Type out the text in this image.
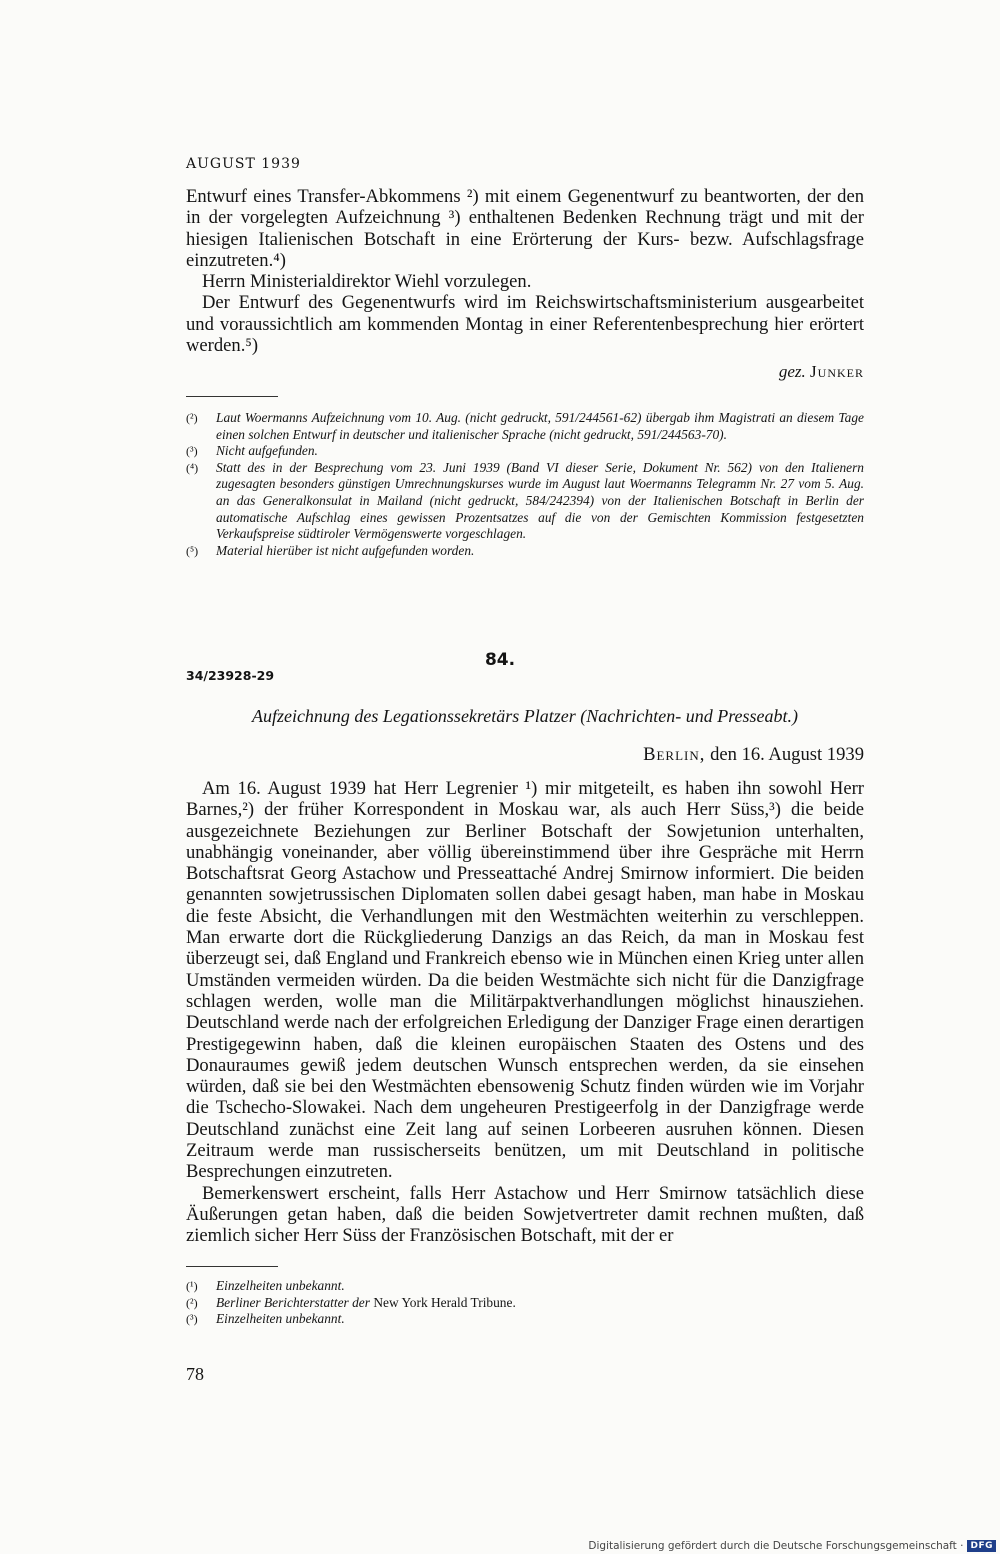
AUGUST 1939

Entwurf eines Transfer-Abkommens ²) mit einem Gegenentwurf zu beantworten, der den in der vorgelegten Aufzeichnung ³) enthaltenen Bedenken Rechnung trägt und mit der hiesigen Italienischen Botschaft in eine Erörterung der Kurs- bezw. Aufschlagsfrage einzutreten.⁴)

Herrn Ministerialdirektor Wiehl vorzulegen.

Der Entwurf des Gegenentwurfs wird im Reichswirtschaftsministerium ausgearbeitet und voraussichtlich am kommenden Montag in einer Referentenbesprechung hier erörtert werden.⁵)

gez. Junker
(²)	Laut Woermanns Aufzeichnung vom 10. Aug. (nicht gedruckt, 591/244561-62) übergab ihm Magistrati an diesem Tage einen solchen Entwurf in deutscher und italienischer Sprache (nicht gedruckt, 591/244563-70).
(³)	Nicht aufgefunden.
(⁴)	Statt des in der Besprechung vom 23. Juni 1939 (Band VI dieser Serie, Dokument Nr. 562) von den Italienern zugesagten besonders günstigen Umrechnungskurses wurde im August laut Woermanns Telegramm Nr. 27 vom 5. Aug. an das Generalkonsulat in Mailand (nicht gedruckt, 584/242394) von der Italienischen Botschaft in Berlin der automatische Aufschlag eines gewissen Prozentsatzes auf die von der Gemischten Kommission festgesetzten Verkaufspreise südtiroler Vermögenswerte vorgeschlagen.
(⁵)	Material hierüber ist nicht aufgefunden worden.
84.
34/23928-29
Aufzeichnung des Legationssekretärs Platzer (Nachrichten- und Presseabt.)
Berlin, den 16. August 1939

Am 16. August 1939 hat Herr Legrenier ¹) mir mitgeteilt, es haben ihn sowohl Herr Barnes,²) der früher Korrespondent in Moskau war, als auch Herr Süss,³) die beide ausgezeichnete Beziehungen zur Berliner Botschaft der Sowjetunion unterhalten, unabhängig voneinander, aber völlig übereinstimmend über ihre Gespräche mit Herrn Botschaftsrat Georg Astachow und Presseattaché Andrej Smirnow informiert. Die beiden genannten sowjetrussischen Diplomaten sollen dabei gesagt haben, man habe in Moskau die feste Absicht, die Verhandlungen mit den Westmächten weiterhin zu verschleppen. Man erwarte dort die Rückgliederung Danzigs an das Reich, da man in Moskau fest überzeugt sei, daß England und Frankreich ebenso wie in München einen Krieg unter allen Umständen vermeiden würden. Da die beiden Westmächte sich nicht für die Danzigfrage schlagen werden, wolle man die Militärpaktverhandlungen möglichst hinausziehen. Deutschland werde nach der erfolgreichen Erledigung der Danziger Frage einen derartigen Prestigegewinn haben, daß die kleinen europäischen Staaten des Ostens und des Donauraumes gewiß jedem deutschen Wunsch entsprechen werden, da sie einsehen würden, daß sie bei den Westmächten ebensowenig Schutz finden würden wie im Vorjahr die Tschecho-Slowakei. Nach dem ungeheuren Prestigeerfolg in der Danzigfrage werde Deutschland zunächst eine Zeit lang auf seinen Lorbeeren ausruhen können. Diesen Zeitraum werde man russischerseits benützen, um mit Deutschland in politische Besprechungen einzutreten.

Bemerkenswert erscheint, falls Herr Astachow und Herr Smirnow tatsächlich diese Äußerungen getan haben, daß die beiden Sowjetvertreter damit rechnen mußten, daß ziemlich sicher Herr Süss der Französischen Botschaft, mit der er

(¹)	Einzelheiten unbekannt.
(²)	Berliner Berichterstatter der New York Herald Tribune.
(³)	Einzelheiten unbekannt.
78
Digitalisierung gefördert durch die Deutsche Forschungsgemeinschaft · DFG
